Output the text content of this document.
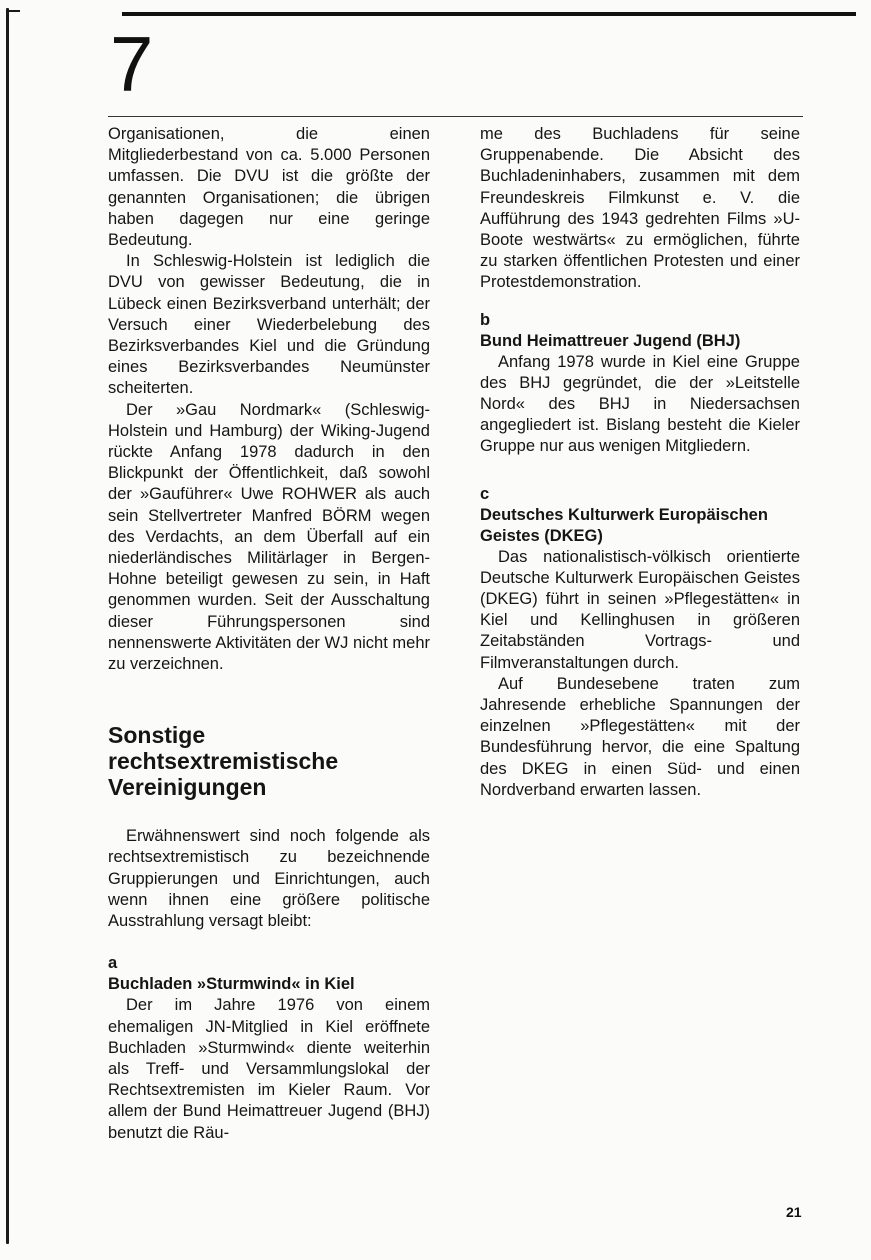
7

Organisationen, die einen Mitgliederbestand von ca. 5.000 Personen umfassen. Die DVU ist die größte der genannten Organisationen; die übrigen haben dagegen nur eine geringe Bedeutung.

In Schleswig-Holstein ist lediglich die DVU von gewisser Bedeutung, die in Lübeck einen Bezirksverband unterhält; der Versuch einer Wiederbelebung des Bezirksverbandes Kiel und die Gründung eines Bezirksverbandes Neumünster scheiterten.

Der »Gau Nordmark« (Schleswig-Holstein und Hamburg) der Wiking-Jugend rückte Anfang 1978 dadurch in den Blickpunkt der Öffentlichkeit, daß sowohl der »Gauführer« Uwe ROHWER als auch sein Stellvertreter Manfred BÖRM wegen des Verdachts, an dem Überfall auf ein niederländisches Militärlager in Bergen-Hohne beteiligt gewesen zu sein, in Haft genommen wurden. Seit der Ausschaltung dieser Führungspersonen sind nennenswerte Aktivitäten der WJ nicht mehr zu verzeichnen.

Sonstige rechtsextremistische Vereinigungen

Erwähnenswert sind noch folgende als rechtsextremistisch zu bezeichnende Gruppierungen und Einrichtungen, auch wenn ihnen eine größere politische Ausstrahlung versagt bleibt:

a

Buchladen »Sturmwind« in Kiel

Der im Jahre 1976 von einem ehemaligen JN-Mitglied in Kiel eröffnete Buchladen »Sturmwind« diente weiterhin als Treff- und Versammlungslokal der Rechtsextremisten im Kieler Raum. Vor allem der Bund Heimattreuer Jugend (BHJ) benutzt die Räu-

me des Buchladens für seine Gruppenabende. Die Absicht des Buchladeninhabers, zusammen mit dem Freundeskreis Filmkunst e. V. die Aufführung des 1943 gedrehten Films »U-Boote westwärts« zu ermöglichen, führte zu starken öffentlichen Protesten und einer Protestdemonstration.

b

Bund Heimattreuer Jugend (BHJ)

Anfang 1978 wurde in Kiel eine Gruppe des BHJ gegründet, die der »Leitstelle Nord« des BHJ in Niedersachsen angegliedert ist. Bislang besteht die Kieler Gruppe nur aus wenigen Mitgliedern.

c

Deutsches Kulturwerk Europäischen Geistes (DKEG)

Das nationalistisch-völkisch orientierte Deutsche Kulturwerk Europäischen Geistes (DKEG) führt in seinen »Pflegestätten« in Kiel und Kellinghusen in größeren Zeitabständen Vortrags- und Filmveranstaltungen durch.

Auf Bundesebene traten zum Jahresende erhebliche Spannungen der einzelnen »Pflegestätten« mit der Bundesführung hervor, die eine Spaltung des DKEG in einen Süd- und einen Nordverband erwarten lassen.

21
